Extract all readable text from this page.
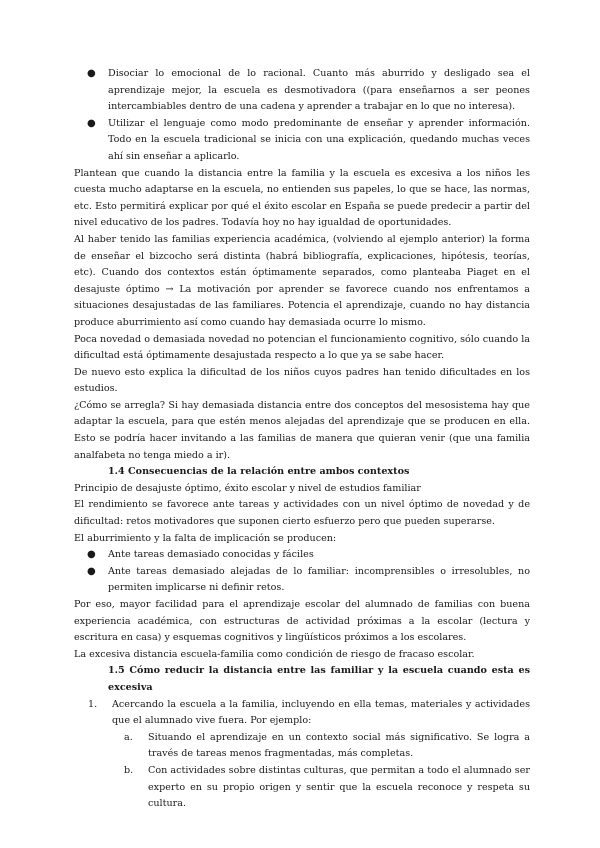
●	Disociar lo emocional de lo racional. Cuanto más aburrido y desligado sea el aprendizaje mejor, la escuela es desmotivadora ((para enseñarnos a ser peones intercambiables dentro de una cadena y aprender a trabajar en lo que no interesa).
●	Utilizar el lenguaje como modo predominante de enseñar y aprender información. Todo en la escuela tradicional se inicia con una explicación, quedando muchas veces ahí sin enseñar a aplicarlo.

Plantean que cuando la distancia entre la familia y la escuela es excesiva a los niños les cuesta mucho adaptarse en la escuela, no entienden sus papeles, lo que se hace, las normas, etc. Esto permitirá explicar por qué el éxito escolar en España se puede predecir a partir del nivel educativo de los padres. Todavía hoy no hay igualdad de oportunidades.

Al haber tenido las familias experiencia académica, (volviendo al ejemplo anterior) la forma de enseñar el bizcocho será distinta (habrá bibliografía, explicaciones, hipótesis, teorías, etc). Cuando dos contextos están óptimamente separados, como planteaba Piaget en el desajuste óptimo → La motivación por aprender se favorece cuando nos enfrentamos a situaciones desajustadas de las familiares. Potencia el aprendizaje, cuando no hay distancia produce aburrimiento así como cuando hay demasiada ocurre lo mismo.

Poca novedad o demasiada novedad no potencian el funcionamiento cognitivo, sólo cuando la dificultad está óptimamente desajustada respecto a lo que ya se sabe hacer.

De nuevo esto explica la dificultad de los niños cuyos padres han tenido dificultades en los estudios.

¿Cómo se arregla? Si hay demasiada distancia entre dos conceptos del mesosistema hay que adaptar la escuela, para que estén menos alejadas del aprendizaje que se producen en ella. Esto se podría hacer invitando a las familias de manera que quieran venir (que una familia analfabeta no tenga miedo a ir).

1.4 Consecuencias de la relación entre ambos contextos

Principio de desajuste óptimo, éxito escolar y nivel de estudios familiar

El rendimiento se favorece ante tareas y actividades con un nivel óptimo de novedad y de dificultad: retos motivadores que suponen cierto esfuerzo pero que pueden superarse.

El aburrimiento y la falta de implicación se producen:

●	Ante tareas demasiado conocidas y fáciles
●	Ante tareas demasiado alejadas de lo familiar: incomprensibles o irresolubles, no permiten implicarse ni definir retos.

Por eso, mayor facilidad para el aprendizaje escolar del alumnado de familias con buena experiencia académica, con estructuras de actividad próximas a la escolar (lectura y escritura en casa) y esquemas cognitivos y lingüísticos próximos a los escolares.

La excesiva distancia escuela-familia como condición de riesgo de fracaso escolar.

1.5 Cómo reducir la distancia entre las familiar y la escuela cuando esta es excesiva

1.	Acercando la escuela a la familia, incluyendo en ella temas, materiales y actividades que el alumnado vive fuera. Por ejemplo:
a.	Situando el aprendizaje en un contexto social más significativo. Se logra a través de tareas menos fragmentadas, más completas.
b.	Con actividades sobre distintas culturas, que permitan a todo el alumnado ser experto en su propio origen y sentir que la escuela reconoce y respeta su cultura.
